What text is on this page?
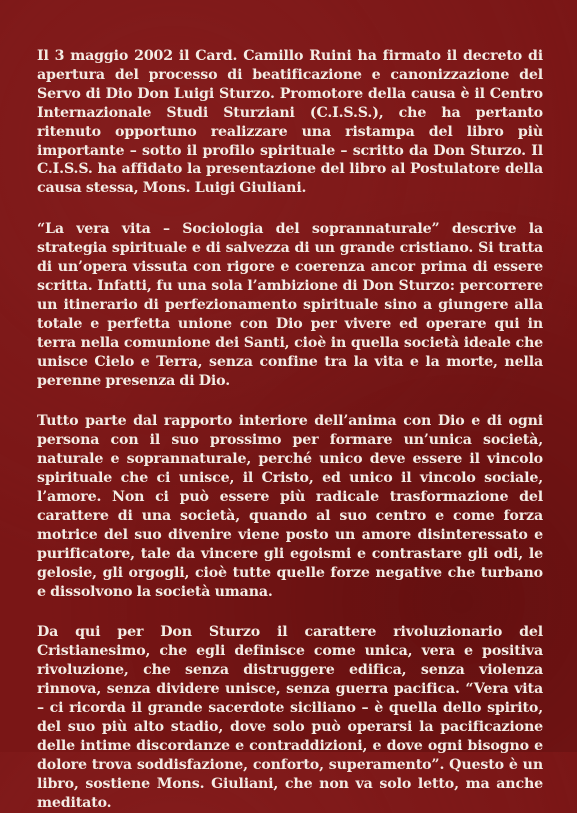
Il 3 maggio 2002 il Card. Camillo Ruini ha firmato il decreto di apertura del processo di beatificazione e canonizzazione del Servo di Dio Don Luigi Sturzo. Promotore della causa è il Centro Internazionale Studi Sturziani (C.I.S.S.), che ha pertanto ritenuto opportuno realizzare una ristampa del libro più importante – sotto il profilo spirituale – scritto da Don Sturzo. Il C.I.S.S. ha affidato la presentazione del libro al Postulatore della causa stessa, Mons. Luigi Giuliani.

“La vera vita – Sociologia del soprannaturale” descrive la strategia spirituale e di salvezza di un grande cristiano. Si tratta di un’opera vissuta con rigore e coerenza ancor prima di essere scritta. Infatti, fu una sola l’ambizione di Don Sturzo: percorrere un itinerario di perfezionamento spirituale sino a giungere alla totale e perfetta unione con Dio per vivere ed operare qui in terra nella comunione dei Santi, cioè in quella società ideale che unisce Cielo e Terra, senza confine tra la vita e la morte, nella perenne presenza di Dio.

Tutto parte dal rapporto interiore dell’anima con Dio e di ogni persona con il suo prossimo per formare un’unica società, naturale e soprannaturale, perché unico deve essere il vincolo spirituale che ci unisce, il Cristo, ed unico il vincolo sociale, l’amore. Non ci può essere più radicale trasformazione del carattere di una società, quando al suo centro e come forza motrice del suo divenire viene posto un amore disinteressato e purificatore, tale da vincere gli egoismi e contrastare gli odi, le gelosie, gli orgogli, cioè tutte quelle forze negative che turbano e dissolvono la società umana.

Da qui per Don Sturzo il carattere rivoluzionario del Cristianesimo, che egli definisce come unica, vera e positiva rivoluzione, che senza distruggere edifica, senza violenza rinnova, senza dividere unisce, senza guerra pacifica. “Vera vita – ci ricorda il grande sacerdote siciliano – è quella dello spirito, del suo più alto stadio, dove solo può operarsi la pacificazione delle intime discordanze e contraddizioni, e dove ogni bisogno e dolore trova soddisfazione, conforto, superamento”. Questo è un libro, sostiene Mons. Giuliani, che non va solo letto, ma anche meditato.
